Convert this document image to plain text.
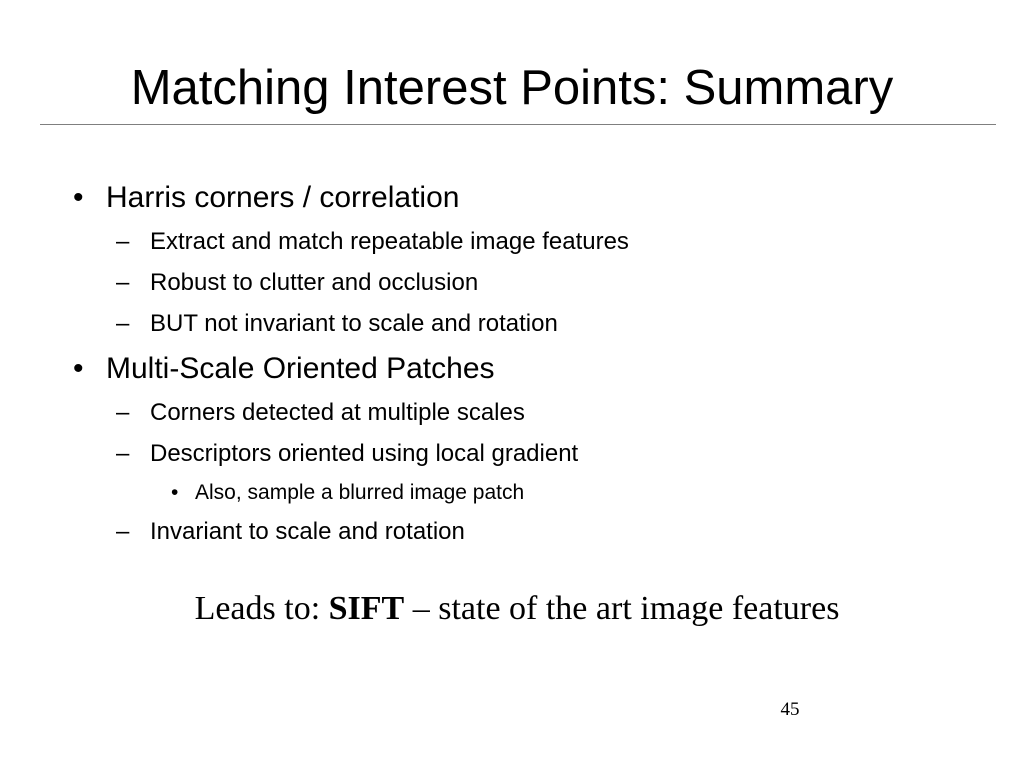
Matching Interest Points: Summary
• Harris corners / correlation
– Extract and match repeatable image features
– Robust to clutter and occlusion
– BUT not invariant to scale and rotation
• Multi-Scale Oriented Patches
– Corners detected at multiple scales
– Descriptors oriented using local gradient
• Also, sample a blurred image patch
– Invariant to scale and rotation
Leads to: SIFT – state of the art image features
45
